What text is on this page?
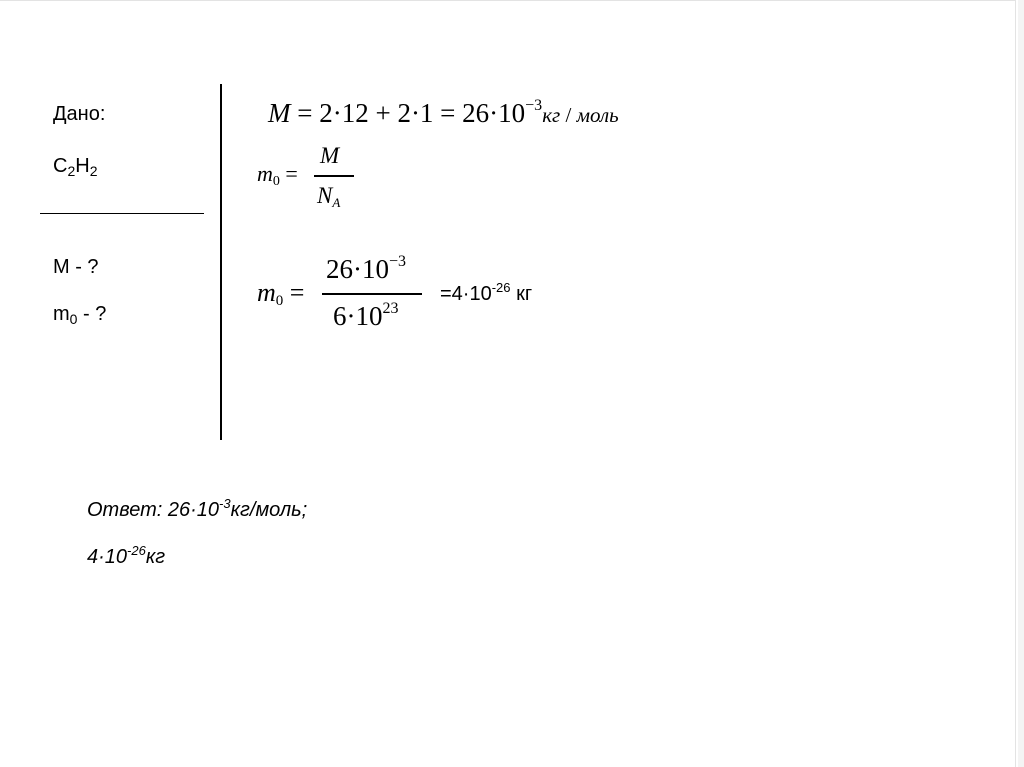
Дано:
$C_2H_2$
M - ?
$m_0$ - ?
$M = 2\cdot 12 + 2\cdot 1 = 26\cdot 10^{-3}кг$ / моль
$m_0$ =
M
$N_A$
$m_0$ =
$26\cdot 10^{-3}$
$6\cdot 10^{23}$
$=4\cdot 10^{-26}$ кг
Ответ: $26\cdot 10^{-3}кг$/моль;
$4\cdot 10^{-26}кг$
